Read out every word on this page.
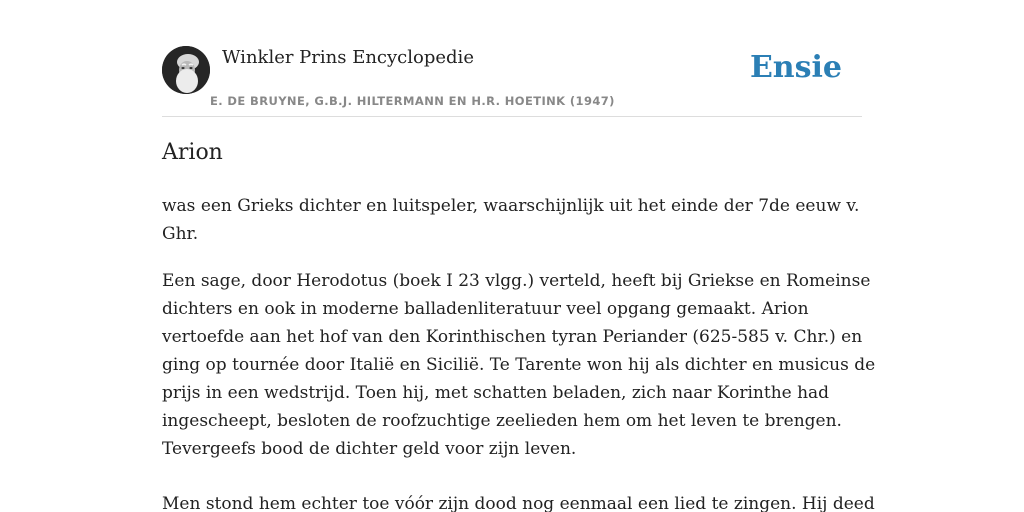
Winkler Prins Encyclopedie
E. DE BRUYNE, G.B.J. HILTERMANN EN H.R. HOETINK (1947)
Ensie
Arion

was een Grieks dichter en luitspeler, waarschijnlijk uit het einde der 7de eeuw v.
Ghr.

Een sage, door Herodotus (boek I 23 vlgg.) verteld, heeft bij Griekse en Romeinse
dichters en ook in moderne balladenliteratuur veel opgang gemaakt. Arion
vertoefde aan het hof van den Korinthischen tyran Periander (625-585 v. Chr.) en
ging op tournée door Italië en Sicilië. Te Tarente won hij als dichter en musicus de
prijs in een wedstrijd. Toen hij, met schatten beladen, zich naar Korinthe had
ingescheept, besloten de roofzuchtige zeelieden hem om het leven te brengen.
Tevergeefs bood de dichter geld voor zijn leven.

Men stond hem echter toe vóór zijn dood nog eenmaal een lied te zingen. Hij deed
